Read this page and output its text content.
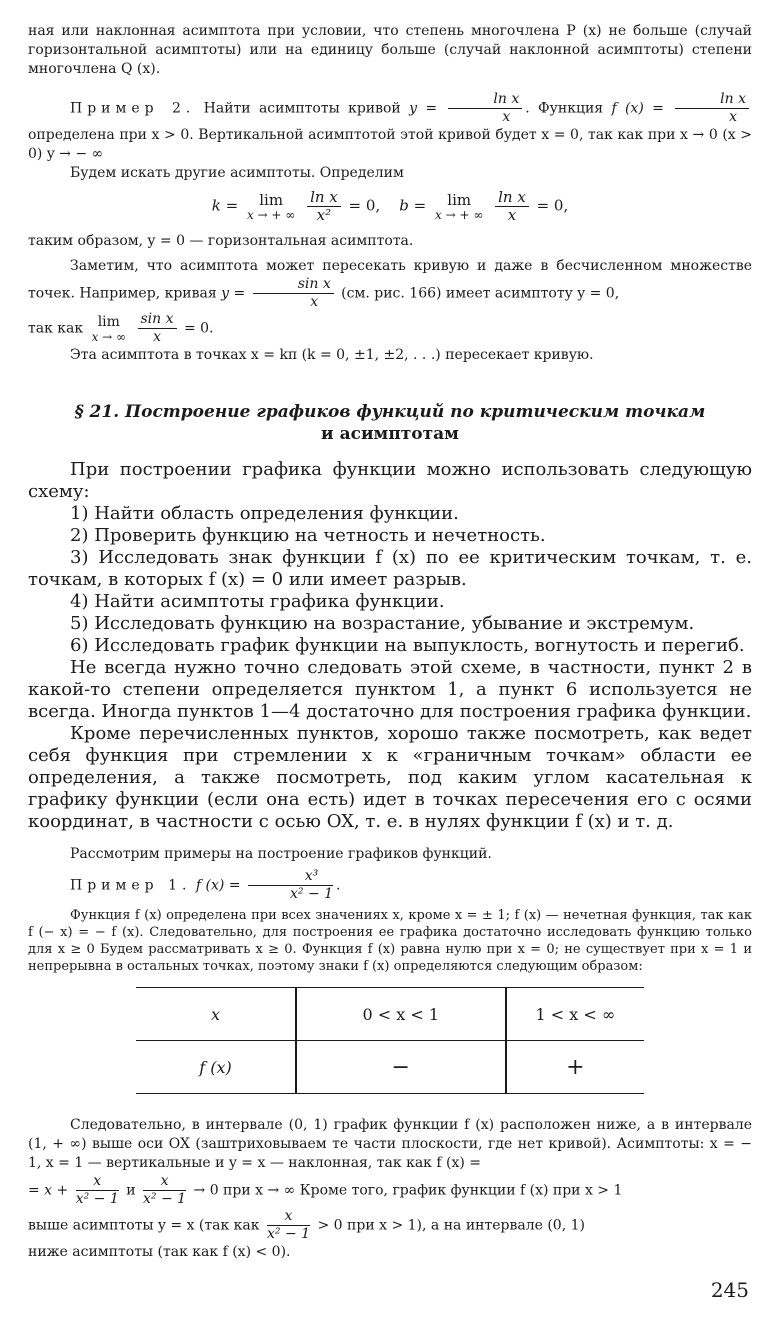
ная или наклонная асимптота при условии, что степень многочлена P (x) не больше (случай горизонтальной асимптоты) или на единицу больше (случай наклонной асимптоты) степени многочлена Q (x).

Пример 2. Найти асимптоты кривой $y = \frac{\text{ln x}}{x}$ . Функция f $(x) = \frac{\text{ln x}}{x}$
определена при x > 0. Вертикальной асимптотой этой кривой будет x = 0, так как при x → 0 (x > 0) y → − ∞

Будем искать другие асимптоты. Определим

k =	lim
x → + ∞
$\frac{\text{ln x}}{\text{x²}} = 0$, b =	lim
x → + ∞
$\frac{\text{ln x}}{x} = 0$,

таким образом, y = 0 — горизонтальная асимптота.

Заметим, что асимптота может пересекать кривую и даже в бесчисленном множестве точек. Например, кривая $y = \frac{\text{sin x}}{x} (см$. рис. 166) имеет асимптоту y = 0,

так как	lim
x → ∞
$\frac{\text{sin x}}{x} = 0$.

Эта асимптота в точках x = kπ (k = 0, ±1, ±2, . . .) пересекает кривую.

§ 21. Построение графиков функций по критическим точкам
и асимптотам

При построении графика функции можно использовать следующую схему:

1) Найти область определения функции.
2) Проверить функцию на четность и нечетность.
3) Исследовать знак функции f (x) по ее критическим точкам, т. е. точкам, в которых f (x) = 0 или имеет разрыв.
4) Найти асимптоты графика функции.
5) Исследовать функцию на возрастание, убывание и экстремум.
6) Исследовать график функции на выпуклость, вогнутость и перегиб.

Не всегда нужно точно следовать этой схеме, в частности, пункт 2 в какой-то степени определяется пунктом 1, а пункт 6 используется не всегда. Иногда пунктов 1—4 достаточно для построения графика функции.

Кроме перечисленных пунктов, хорошо также посмотреть, как ведет себя функция при стремлении x к «граничным точкам» области ее определения, а также посмотреть, под каким углом касательная к графику функции (если она есть) идет в точках пересечения его с осями координат, в частности с осью OX, т. е. в нулях функции f (x) и т. д.

Рассмотрим примеры на построение графиков функций.

Пример 1. f $(x) = \frac{\text{x³}}{\text{x² − 1}}$ .

Функция f (x) определена при всех значениях x, кроме x = ± 1; f (x) — нечетная функция, так как f (− x) = − f (x). Следовательно, для построения ее графика достаточно исследовать функцию только для x ≥ 0 Будем рассматривать x ≥ 0. Функция f (x) равна нулю при x = 0; не существует при x = 1 и непрерывна в остальных точках, поэтому знаки f (x) определяются следующим образом:

x	0 < x < 1	1 < x < ∞
f (x)	−	+

Следовательно, в интервале (0, 1) график функции f (x) расположен ниже, а в интервале (1, + ∞) выше оси OX (заштриховываем те части плоскости, где нет кривой). Асимптоты: x = − 1, x = 1 — вертикальные и y = x — наклонная, так как f (x) =

= $x + \frac{x}{\text{x² − 1}}$ и $\frac{x}{\text{x² − 1}} \to 0$ при x → ∞ Кроме того, график функции f (x) при x > 1

выше асимптоты y = x (так как $\frac{x}{\text{x² − 1}} > 0$ при x > 1), а на интервале (0, 1)

ниже асимптоты (так как f (x) < 0).

245
